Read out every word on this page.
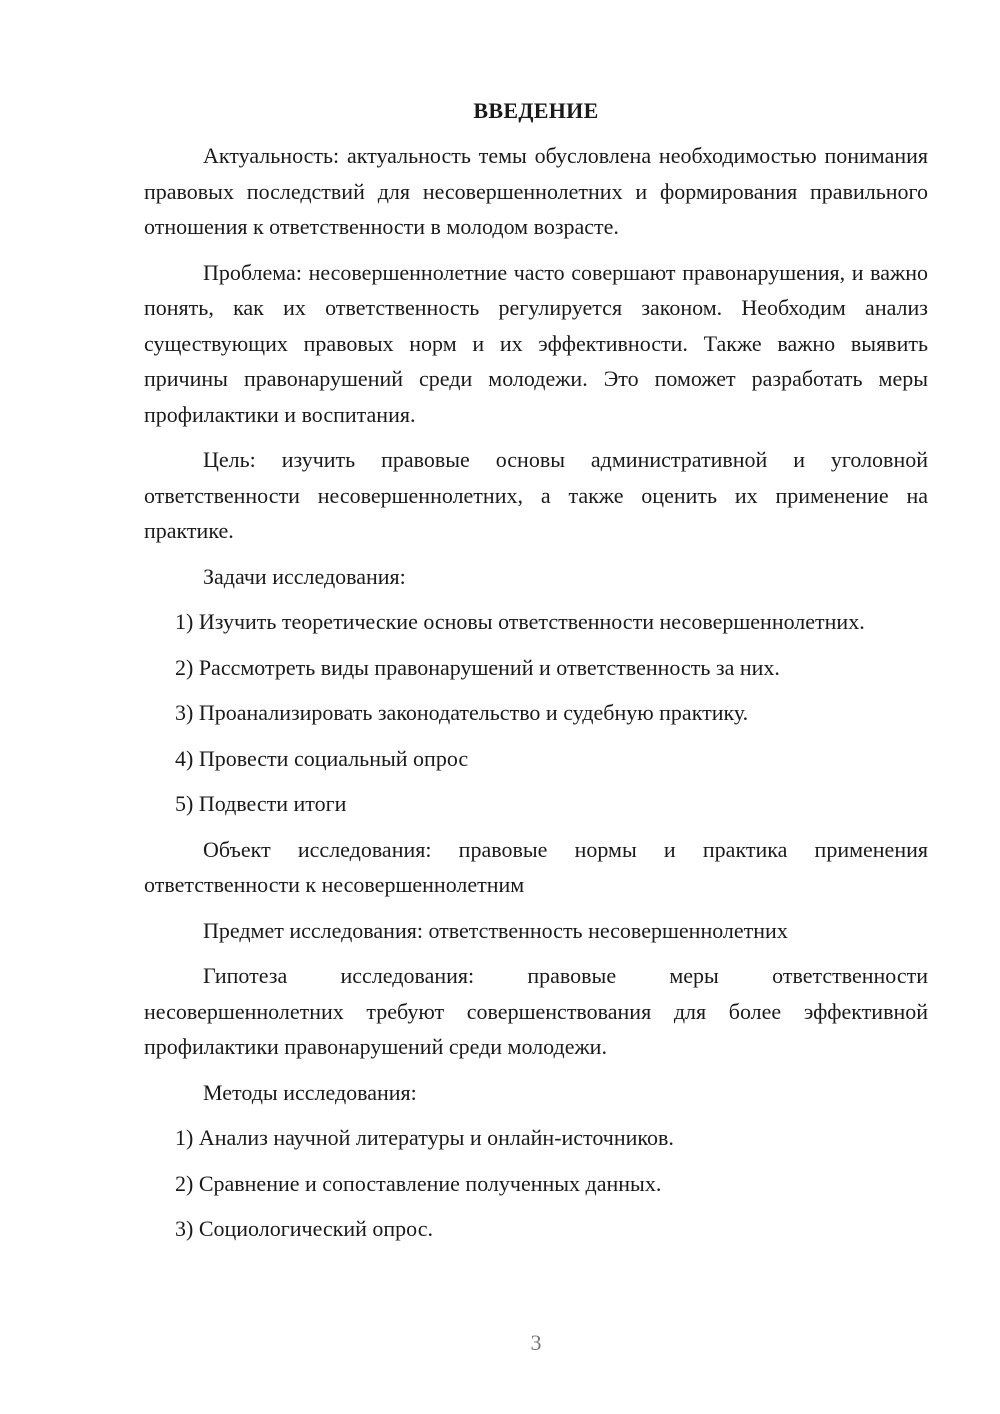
ВВЕДЕНИЕ

Актуальность: актуальность темы обусловлена необходимостью понимания правовых последствий для несовершеннолетних и формирования правильного отношения к ответственности в молодом возрасте.

Проблема: несовершеннолетние часто совершают правонарушения, и важно понять, как их ответственность регулируется законом. Необходим анализ существующих правовых норм и их эффективности. Также важно выявить причины правонарушений среди молодежи. Это поможет разработать меры профилактики и воспитания.

Цель: изучить правовые основы административной и уголовной ответственности несовершеннолетних, а также оценить их применение на практике.

Задачи исследования:

1) Изучить теоретические основы ответственности несовершеннолетних.

2) Рассмотреть виды правонарушений и ответственность за них.

3) Проанализировать законодательство и судебную практику.

4) Провести социальный опрос

5) Подвести итоги

Объект исследования: правовые нормы и практика применения ответственности к несовершеннолетним

Предмет исследования: ответственность несовершеннолетних

Гипотеза исследования: правовые меры ответственности несовершеннолетних требуют совершенствования для более эффективной профилактики правонарушений среди молодежи.

Методы исследования:

1) Анализ научной литературы и онлайн-источников.

2) Сравнение и сопоставление полученных данных.

3) Социологический опрос.

3
